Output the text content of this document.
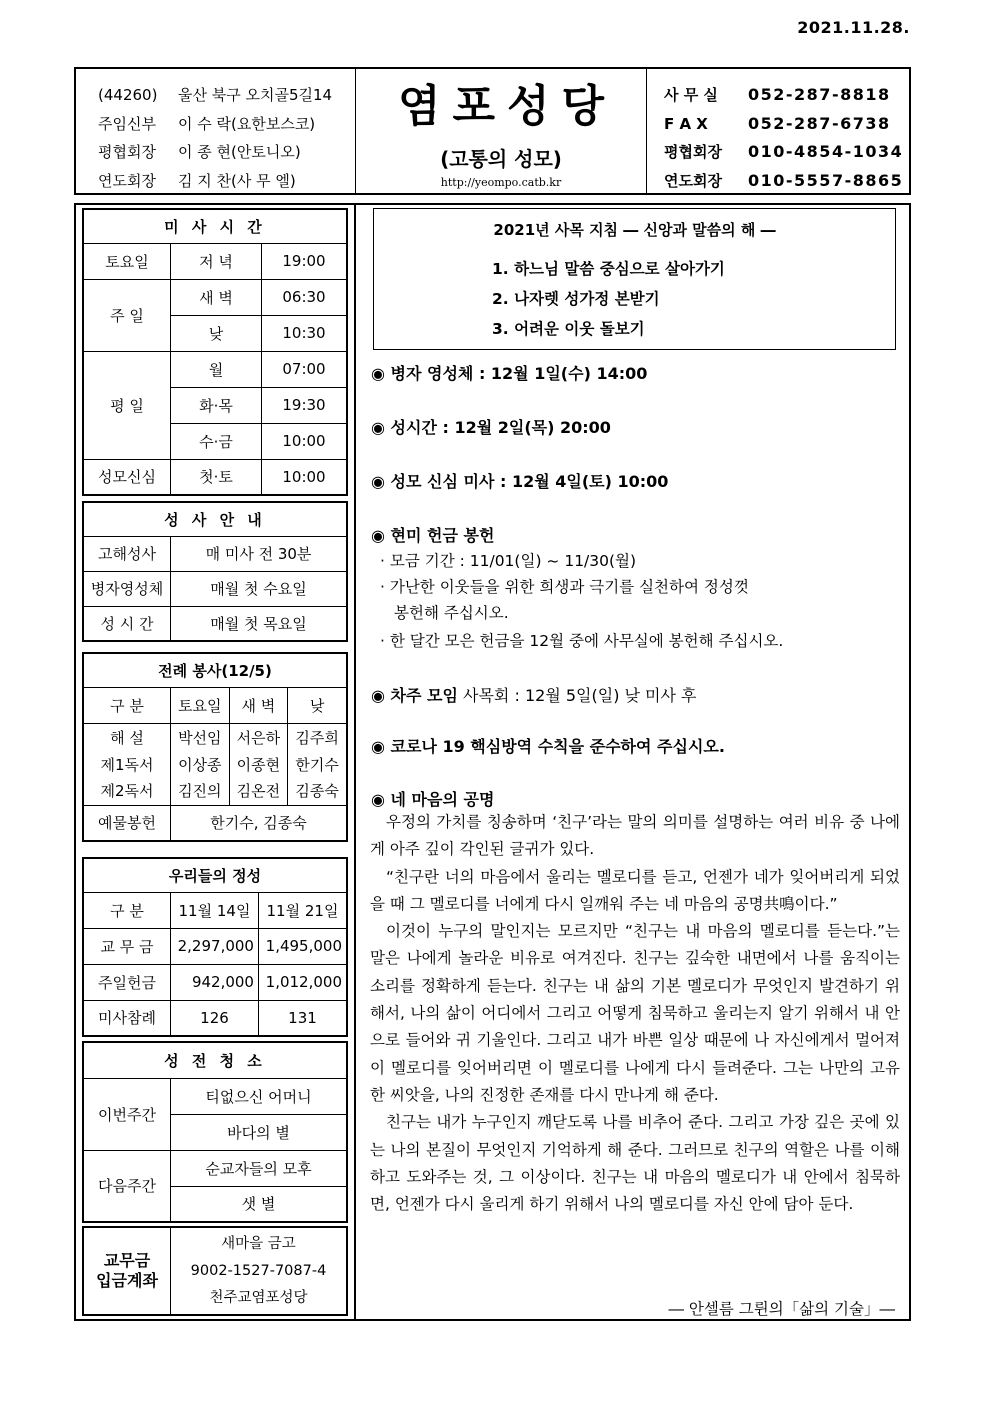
2021.11.28.
(44260) 울산 북구 오치골5길14
주임신부 이 수 락(요한보스코)
평협회장 이 종 현(안토니오)
연도회장 김 지 찬(사 무 엘)
염포성당
(고통의 성모)
http://yeompo.catb.kr
사 무 실 052-287-8818
F A X	052-287-6738
평협회장 010-4854-1034
연도회장 010-5557-8865
미 사 시 간		
토요일	저 녁	19:00
주 일	새 벽	06:30
	낮	10:30
평 일	월	07:00
	화·목	19:30
	수·금	10:00
성모신심	첫·토	10:00
성 사 안 내	
고해성사	매 미사 전 30분
병자영성체	매월 첫 수요일
성 시 간	매월 첫 목요일
전례 봉사(12/5)			
구 분	토요일	새 벽	낮
해 설	박선임	서은하	김주희
제1독서	이상종	이종현	한기수
제2독서	김진의	김온전	김종숙
예물봉헌	한기수, 김종숙		
우리들의 정성		
구 분	11월 14일	11월 21일
교 무 금	2,297,000	1,495,000
주일헌금	942,000	1,012,000
미사참례	126	131
성 전 청 소	
이번주간	티없으신 어머니
	바다의 별
다음주간	순교자들의 모후
	샛 별
교무금
입금계좌	새마을 금고
9002-1527-7087-4
천주교염포성당
2021년 사목 지침 ― 신앙과 말씀의 해 ―
1. 하느님 말씀 중심으로 살아가기
2. 나자렛 성가정 본받기
3. 어려운 이웃 돌보기
◉ 병자 영성체 : 12월 1일(수) 14:00
◉ 성시간 : 12월 2일(목) 20:00
◉ 성모 신심 미사 : 12월 4일(토) 10:00
◉ 현미 헌금 봉헌
· 모금 기간 : 11/01(일) ~ 11/30(월)
· 가난한 이웃들을 위한 희생과 극기를 실천하여 정성껏
봉헌해 주십시오.
· 한 달간 모은 헌금을 12월 중에 사무실에 봉헌해 주십시오.
◉ 차주 모임 사목회 : 12월 5일(일) 낮 미사 후
◉ 코로나 19 핵심방역 수칙을 준수하여 주십시오.
◉ 네 마음의 공명

우정의 가치를 칭송하며 ‘친구’라는 말의 의미를 설명하는 여러 비유 중 나에게 아주 깊이 각인된 글귀가 있다.

“친구란 너의 마음에서 울리는 멜로디를 듣고, 언젠가 네가 잊어버리게 되었을 때 그 멜로디를 너에게 다시 일깨워 주는 네 마음의 공명共鳴이다.”

이것이 누구의 말인지는 모르지만 “친구는 내 마음의 멜로디를 듣는다.”는 말은 나에게 놀라운 비유로 여겨진다. 친구는 깊숙한 내면에서 나를 움직이는 소리를 정확하게 듣는다. 친구는 내 삶의 기본 멜로디가 무엇인지 발견하기 위해서, 나의 삶이 어디에서 그리고 어떻게 침묵하고 울리는지 알기 위해서 내 안으로 들어와 귀 기울인다. 그리고 내가 바쁜 일상 때문에 나 자신에게서 멀어져 이 멜로디를 잊어버리면 이 멜로디를 나에게 다시 들려준다. 그는 나만의 고유한 씨앗을, 나의 진정한 존재를 다시 만나게 해 준다.

친구는 내가 누구인지 깨닫도록 나를 비추어 준다. 그리고 가장 깊은 곳에 있는 나의 본질이 무엇인지 기억하게 해 준다. 그러므로 친구의 역할은 나를 이해하고 도와주는 것, 그 이상이다. 친구는 내 마음의 멜로디가 내 안에서 침묵하면, 언젠가 다시 울리게 하기 위해서 나의 멜로디를 자신 안에 담아 둔다.

― 안셀름 그륀의「삶의 기술」―
